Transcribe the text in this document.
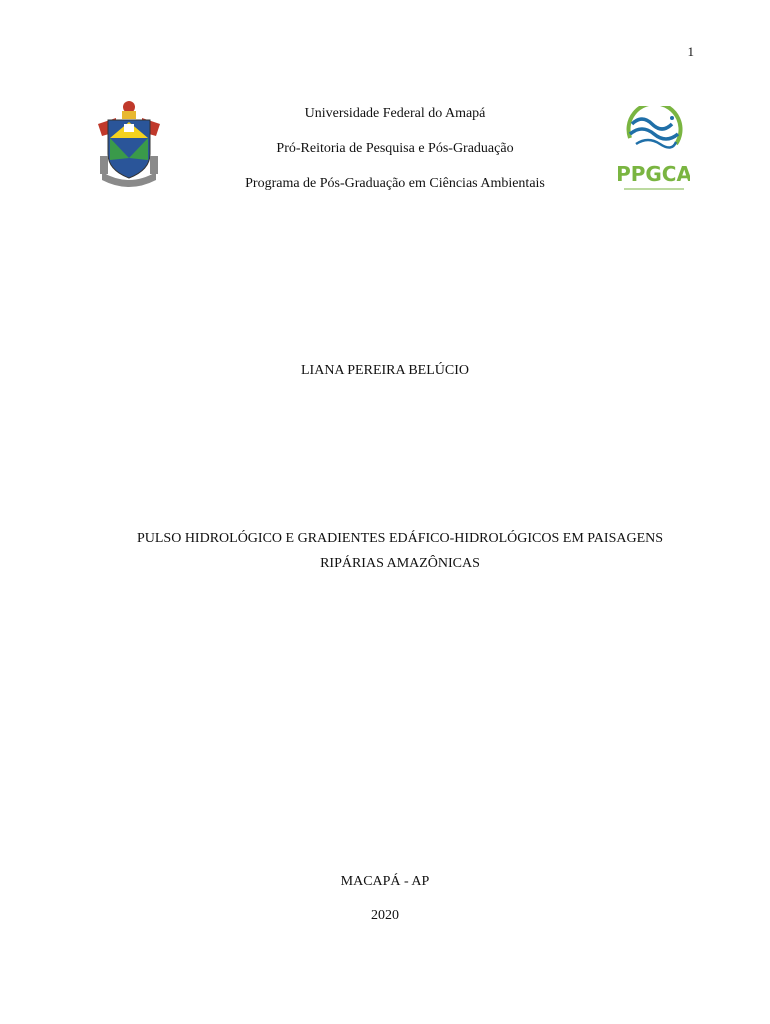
1
Universidade Federal do Amapá
Pró-Reitoria de Pesquisa e Pós-Graduação
Programa de Pós-Graduação em Ciências Ambientais	PPGCA
LIANA PEREIRA BELÚCIO
PULSO HIDROLÓGICO E GRADIENTES EDÁFICO-HIDROLÓGICOS EM PAISAGENS
RIPÁRIAS AMAZÔNICAS
MACAPÁ - AP
2020
